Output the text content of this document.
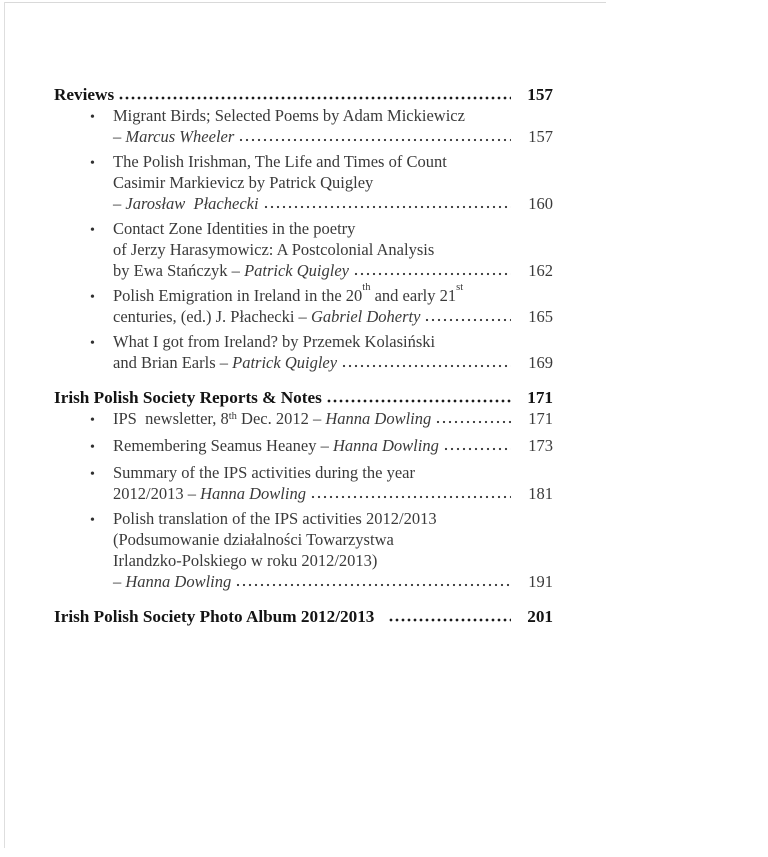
Reviews	157
•	Migrant Birds; Selected Poems by Adam Mickiewicz
– Marcus Wheeler	157
•	The Polish Irishman, The Life and Times of Count
Casimir Markievicz by Patrick Quigley
– Jarosław  Płachecki	160
•	Contact Zone Identities in the poetry
of Jerzy Harasymowicz: A Postcolonial Analysis
by Ewa Stańczyk – Patrick Quigley	162
•	Polish Emigration in Ireland in the 20th and early 21st
centuries, (ed.) J. Płachecki – Gabriel Doherty	165
•	What I got from Ireland? by Przemek Kolasiński
and Brian Earls – Patrick Quigley	169
Irish Polish Society Reports & Notes	171
•	IPS  newsletter, 8th Dec. 2012 – Hanna Dowling	171
•	Remembering Seamus Heaney – Hanna Dowling	173
•	Summary of the IPS activities during the year
2012/2013 – Hanna Dowling	181
•	Polish translation of the IPS activities 2012/2013
(Podsumowanie działalności Towarzystwa
Irlandzko-Polskiego w roku 2012/2013)
– Hanna Dowling	191
Irish Polish Society Photo Album 2012/2013	201
